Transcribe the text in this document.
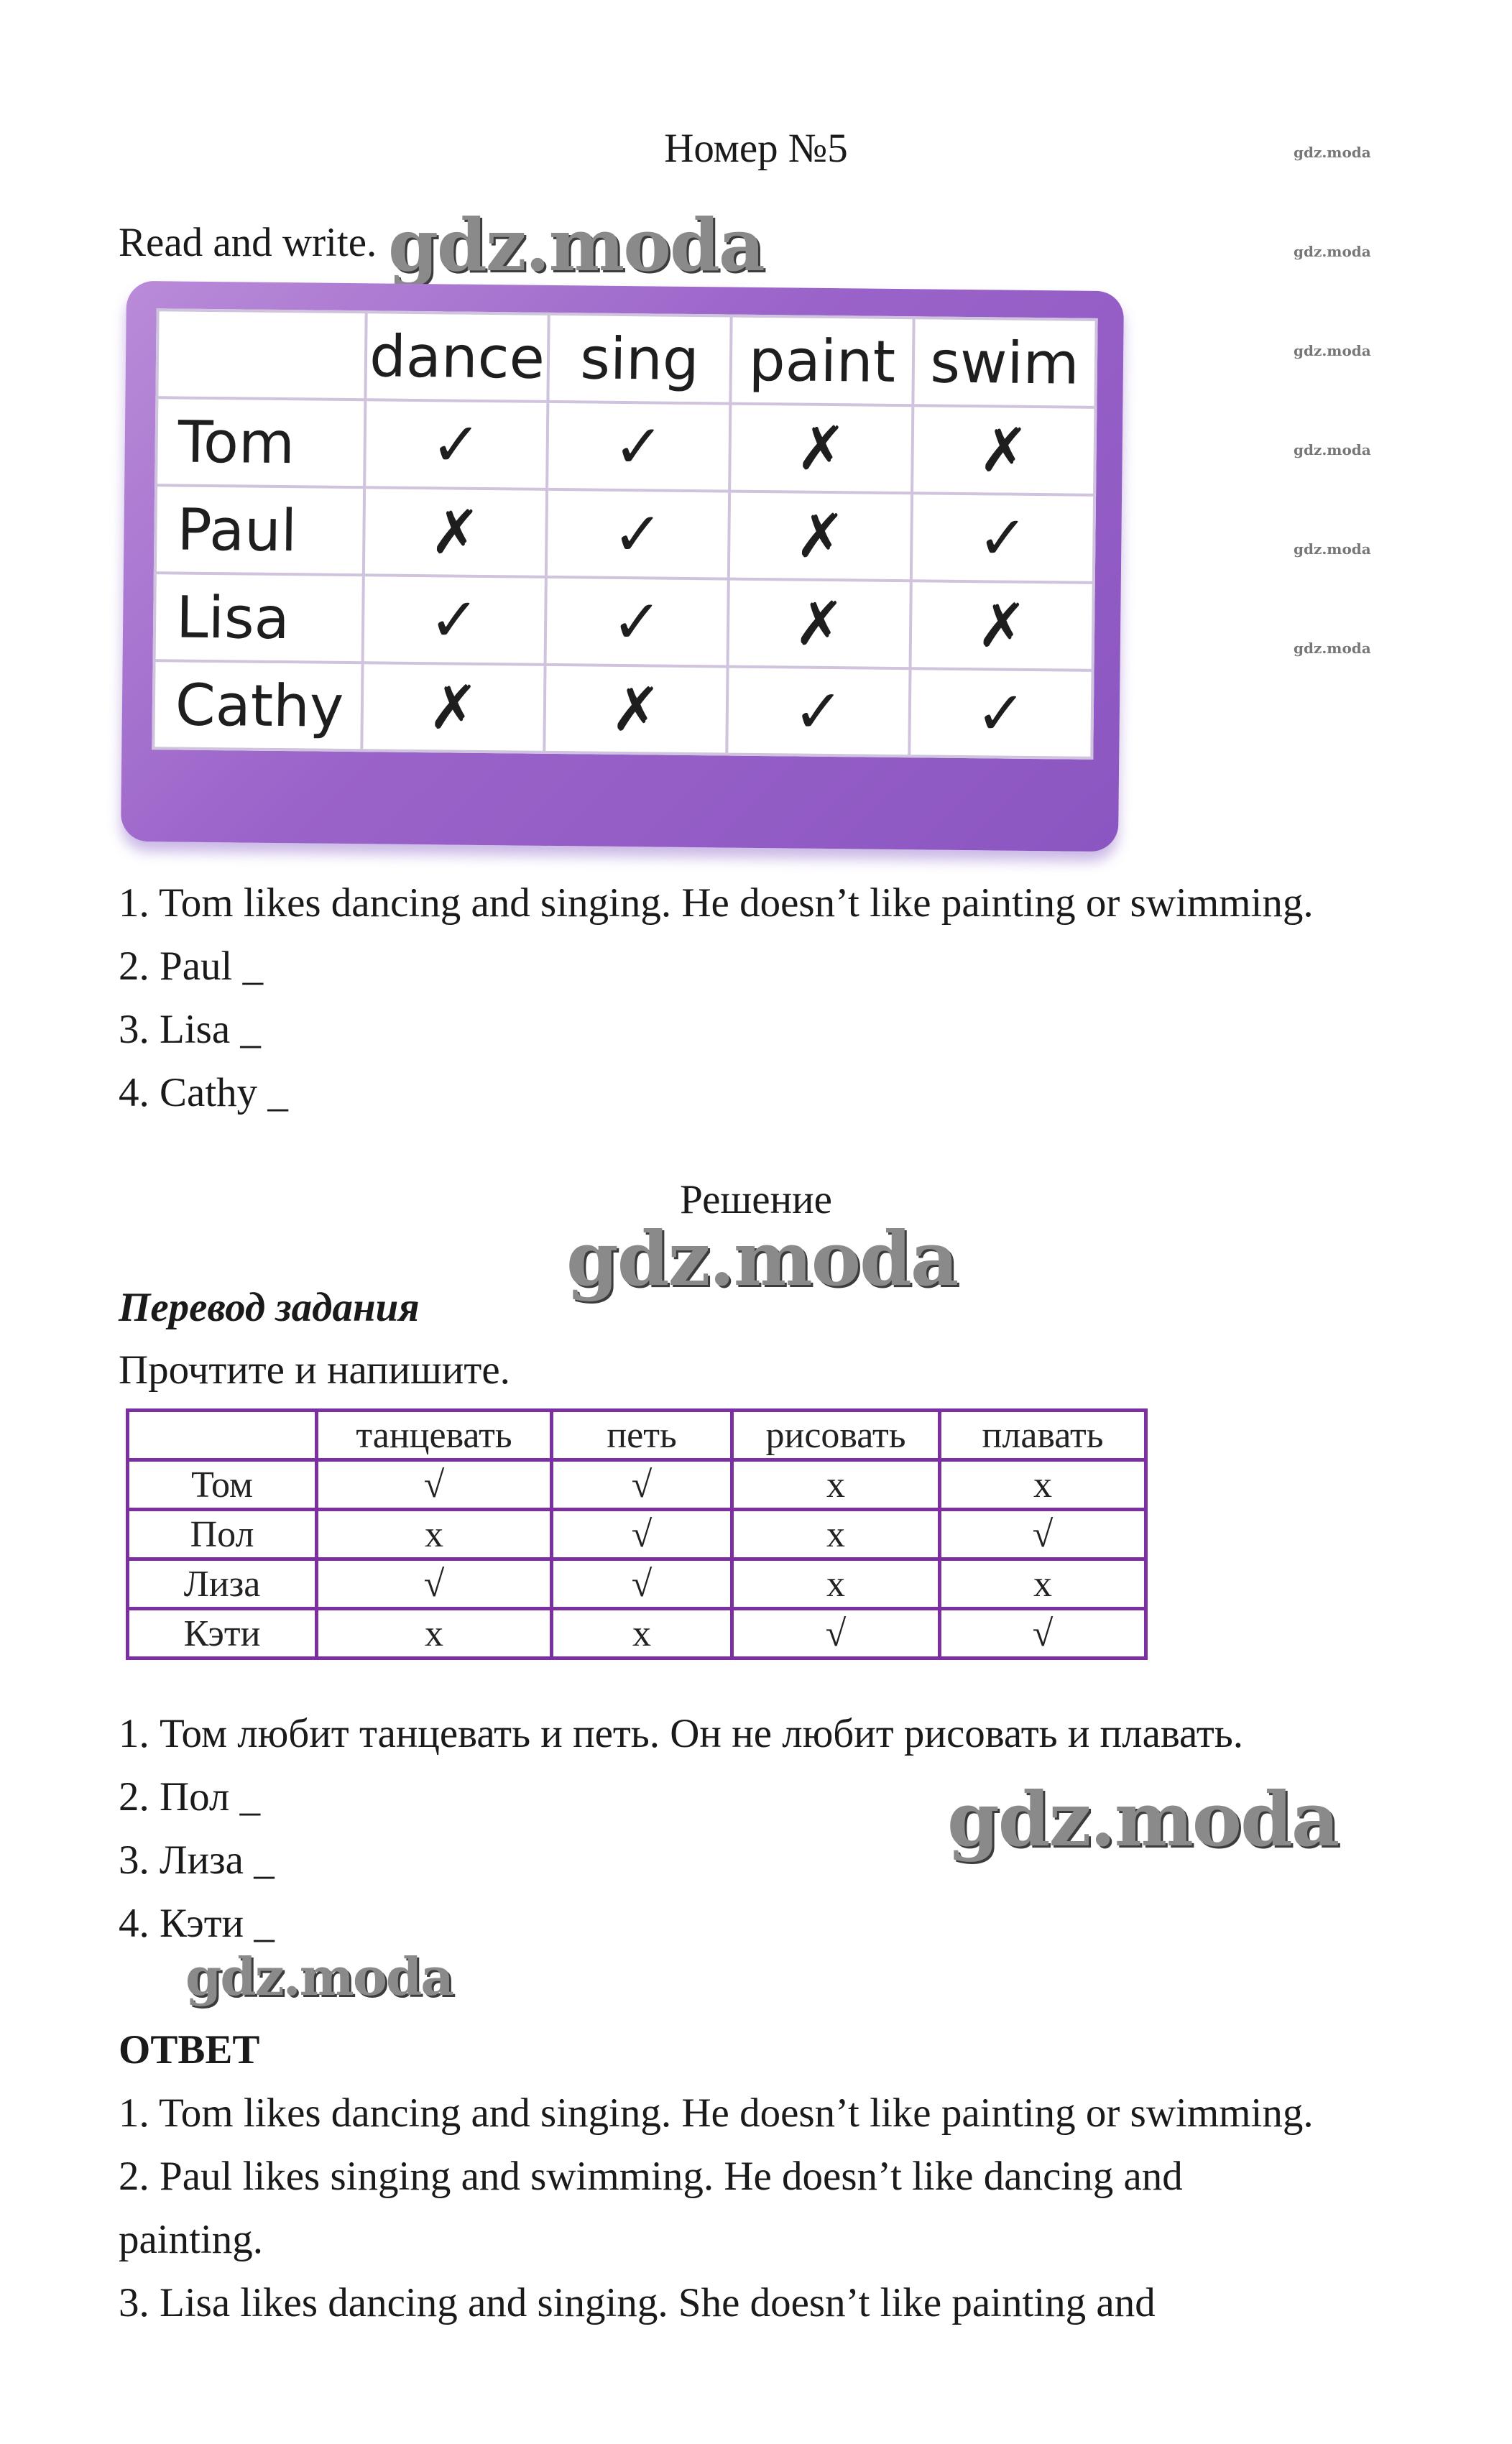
Номер №5
Read and write. gdz.moda
gdz.moda
gdz.moda
gdz.moda
gdz.moda
gdz.moda
gdz.moda
gdz.moda
gdz.moda
gdz.moda
	dance	sing	paint	swim
Tom	✓	✓	✗	✗
Paul	✗	✓	✗	✓
Lisa	✓	✓	✗	✗
Cathy	✗	✗	✓	✓
1. Tom likes dancing and singing. He doesn’t like painting or swimming.
2. Paul _
3. Lisa _
4. Cathy _
Решение
Перевод задания
Прочтите и напишите.
	танцевать	петь	рисовать	плавать
Том	√	√	x	x
Пол	x	√	x	√
Лиза	√	√	x	x
Кэти	x	x	√	√
1. Том любит танцевать и петь. Он не любит рисовать и плавать.
2. Пол _
3. Лиза _
4. Кэти _
ОТВЕТ
1. Tom likes dancing and singing. He doesn’t like painting or swimming.
2. Paul likes singing and swimming. He doesn’t like dancing and
painting.
3. Lisa likes dancing and singing. She doesn’t like painting and
